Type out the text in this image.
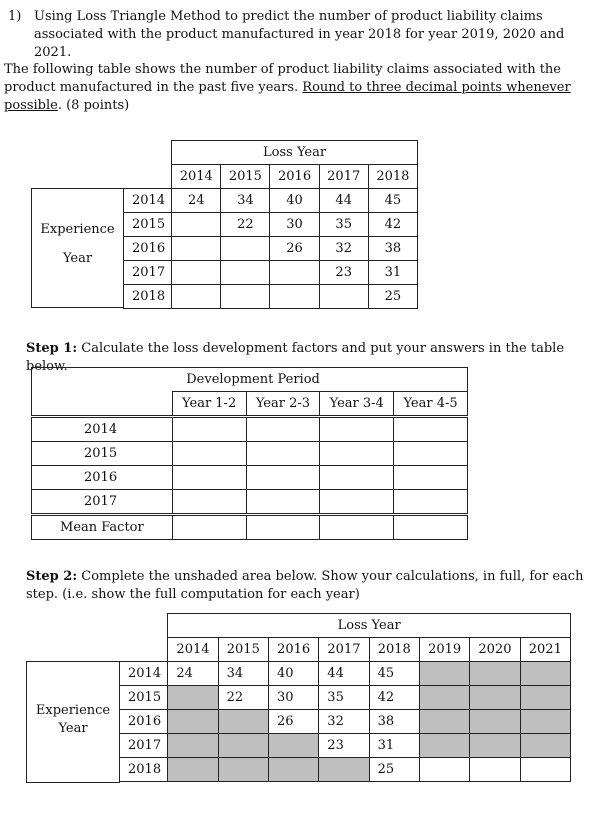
1) Using Loss Triangle Method to predict the number of product liability claims associated with the product manufactured in year 2018 for year 2019, 2020 and 2021.
The following table shows the number of product liability claims associated with the product manufactured in the past five years. Round to three decimal points whenever possible. (8 points)
	Loss Year				
	2014	2015	2016	2017	2018
2014	24	34	40	44	45
2015		22	30	35	42
2016			26	32	38
2017				23	31
2018					25
Experience
Year
Step 1: Calculate the loss development factors and put your answers in the table below.
	Development Period			
	Year 1-2	Year 2-3	Year 3-4	Year 4-5
2014				
2015				
2016				
2017				
Mean Factor				
Step 2: Complete the unshaded area below. Show your calculations, in full, for each step. (i.e. show the full computation for each year)
	Loss Year							
	2014	2015	2016	2017	2018	2019	2020	2021
2014	24	34	40	44	45			
2015		22	30	35	42			
2016			26	32	38			
2017				23	31			
2018					25			
Experience
Year
